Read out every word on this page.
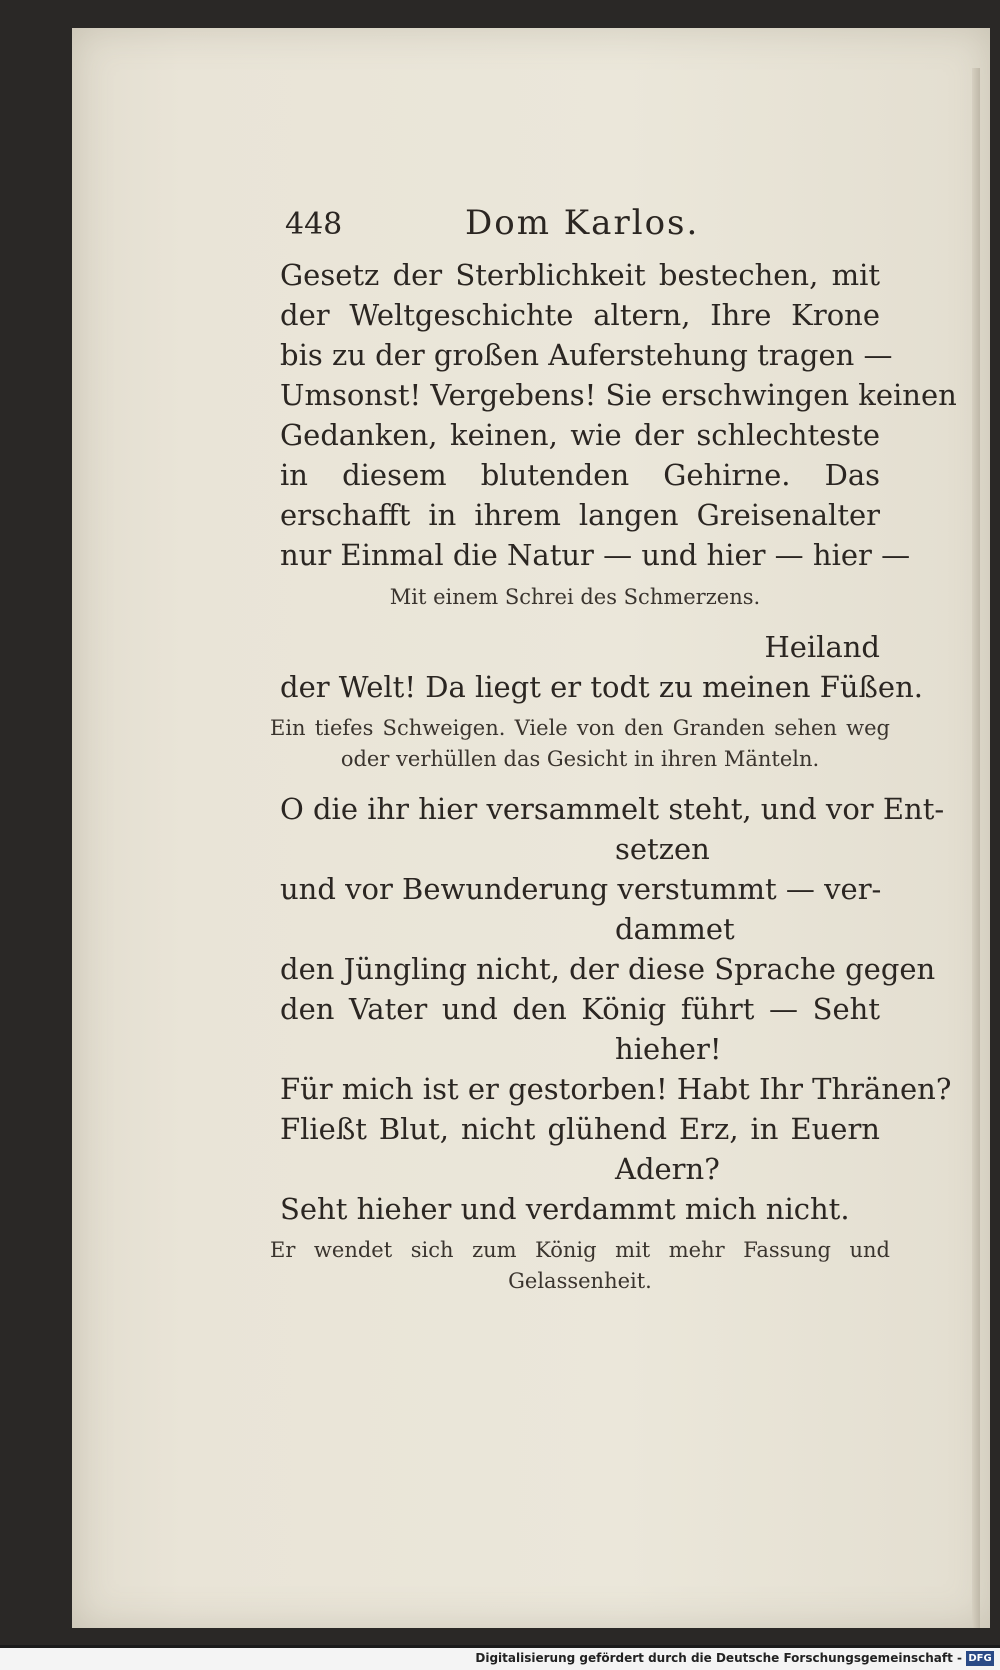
448	Dom Karlos.
Gesetz der Sterblichkeit bestechen, mit
der Weltgeschichte altern, Ihre Krone
bis zu der großen Auferstehung tragen —
Umsonst! Vergebens! Sie erschwingen keinen
Gedanken, keinen, wie der schlechteste
in diesem blutenden Gehirne. Das
erschafft in ihrem langen Greisenalter
nur Einmal die Natur — und hier — hier —
Mit einem Schrei des Schmerzens.
Heiland
der Welt! Da liegt er todt zu meinen Füßen.
Ein tiefes Schweigen. Viele von den Granden sehen weg oder verhüllen das Gesicht in ihren Mänteln.
O die ihr hier versammelt steht, und vor Ent-
setzen
und vor Bewunderung verstummt — ver-
dammet
den Jüngling nicht, der diese Sprache gegen
den Vater und den König führt — Seht
hieher!
Für mich ist er gestorben! Habt Ihr Thränen?
Fließt Blut, nicht glühend Erz, in Euern
Adern?
Seht hieher und verdammt mich nicht.
Er wendet sich zum König mit mehr Fassung und Gelassenheit.
Digitalisierung gefördert durch die Deutsche Forschungsgemeinschaft - DFG
